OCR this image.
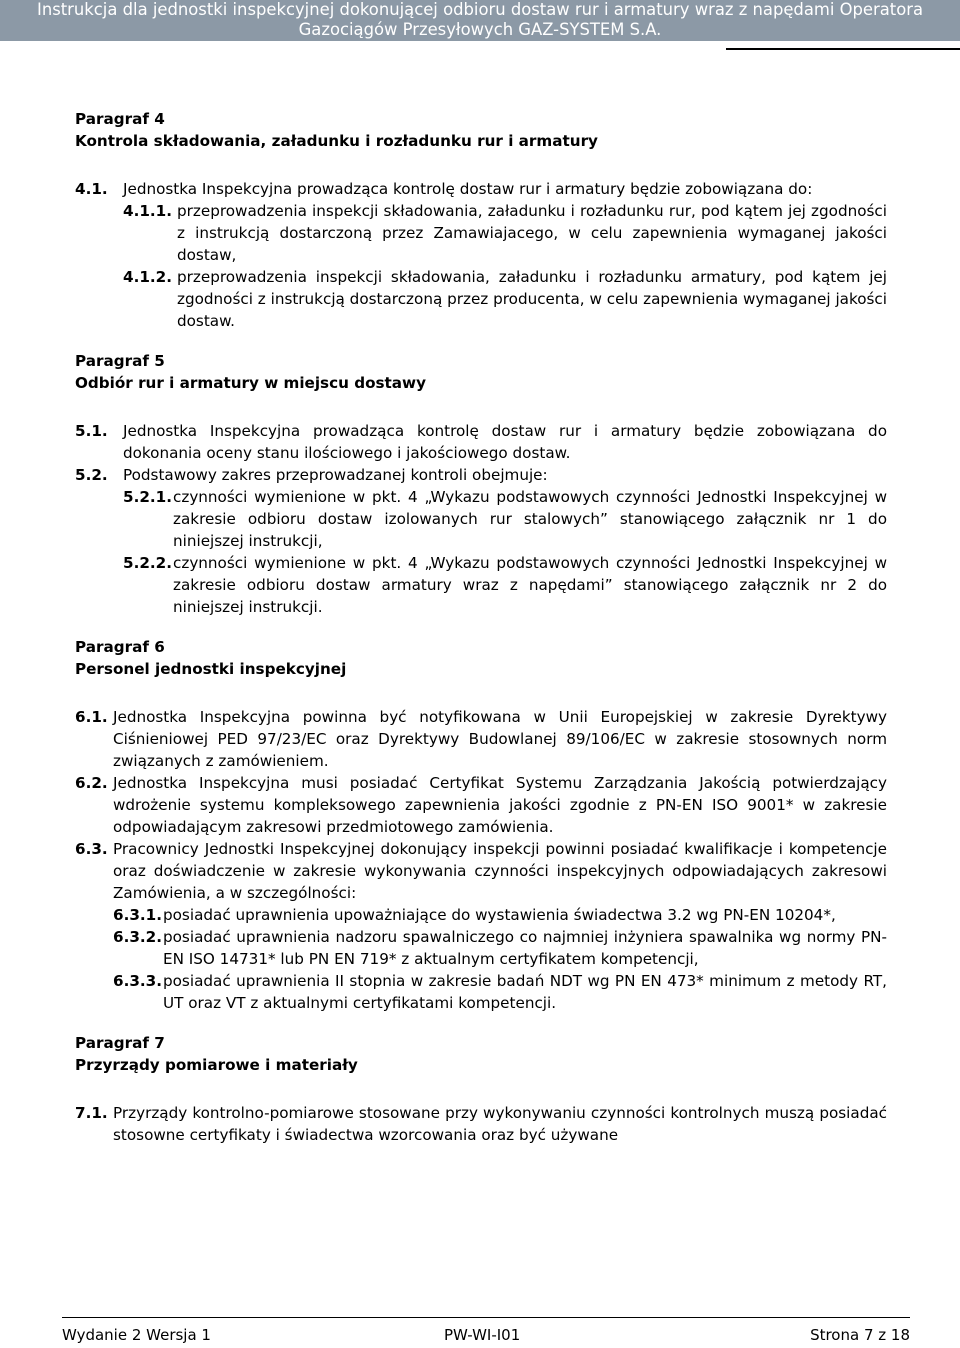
Instrukcja dla jednostki inspekcyjnej dokonującej odbioru dostaw rur i armatury wraz z napędami Operatora
Gazociągów Przesyłowych GAZ-SYSTEM S.A.

Paragraf 4

Kontrola składowania, załadunku i rozładunku rur i armatury

4.1.	Jednostka Inspekcyjna prowadząca kontrolę dostaw rur i armatury będzie zobowiązana do:
4.1.1. przeprowadzenia inspekcji składowania, załadunku i rozładunku rur, pod kątem jej zgodności z instrukcją dostarczoną przez Zamawiajacego, w celu zapewnienia wymaganej jakości dostaw,
4.1.2. przeprowadzenia inspekcji składowania, załadunku i rozładunku armatury, pod kątem jej zgodności z instrukcją dostarczoną przez producenta, w celu zapewnienia wymaganej jakości dostaw.

Paragraf 5

Odbiór rur i armatury w miejscu dostawy

5.1.	Jednostka Inspekcyjna prowadząca kontrolę dostaw rur i armatury będzie zobowiązana do dokonania oceny stanu ilościowego i jakościowego dostaw.
5.2.	Podstawowy zakres przeprowadzanej kontroli obejmuje:
5.2.1. czynności wymienione w pkt. 4 „Wykazu podstawowych czynności Jednostki Inspekcyjnej w zakresie odbioru dostaw izolowanych rur stalowych” stanowiącego załącznik nr 1 do niniejszej instrukcji,
5.2.2. czynności wymienione w pkt. 4 „Wykazu podstawowych czynności Jednostki Inspekcyjnej w zakresie odbioru dostaw armatury wraz z napędami” stanowiącego załącznik nr 2 do niniejszej instrukcji.

Paragraf 6

Personel jednostki inspekcyjnej

6.1. Jednostka Inspekcyjna powinna być notyfikowana w Unii Europejskiej w zakresie Dyrektywy Ciśnieniowej PED 97/23/EC oraz Dyrektywy Budowlanej 89/106/EC w zakresie stosownych norm związanych z zamówieniem.
6.2. Jednostka Inspekcyjna musi posiadać Certyfikat Systemu Zarządzania Jakością potwierdzający wdrożenie systemu kompleksowego zapewnienia jakości zgodnie z PN-EN ISO 9001* w zakresie odpowiadającym zakresowi przedmiotowego zamówienia.
6.3. Pracownicy Jednostki Inspekcyjnej dokonujący inspekcji powinni posiadać kwalifikacje i kompetencje oraz doświadczenie w zakresie wykonywania czynności inspekcyjnych odpowiadających zakresowi Zamówienia, a w szczególności:
6.3.1. posiadać uprawnienia upoważniające do wystawienia świadectwa 3.2 wg PN-EN 10204*,
6.3.2. posiadać uprawnienia nadzoru spawalniczego co najmniej inżyniera spawalnika wg normy PN-EN ISO 14731* lub PN EN 719* z aktualnym certyfikatem kompetencji,
6.3.3. posiadać uprawnienia II stopnia w zakresie badań NDT wg PN EN 473* minimum z metody RT, UT oraz VT z aktualnymi certyfikatami kompetencji.

Paragraf 7

Przyrządy pomiarowe i materiały

7.1. Przyrządy kontrolno-pomiarowe stosowane przy wykonywaniu czynności kontrolnych muszą posiadać stosowne certyfikaty i świadectwa wzorcowania oraz być używane
Wydanie 2 Wersja 1	PW-WI-I01	Strona 7 z 18
